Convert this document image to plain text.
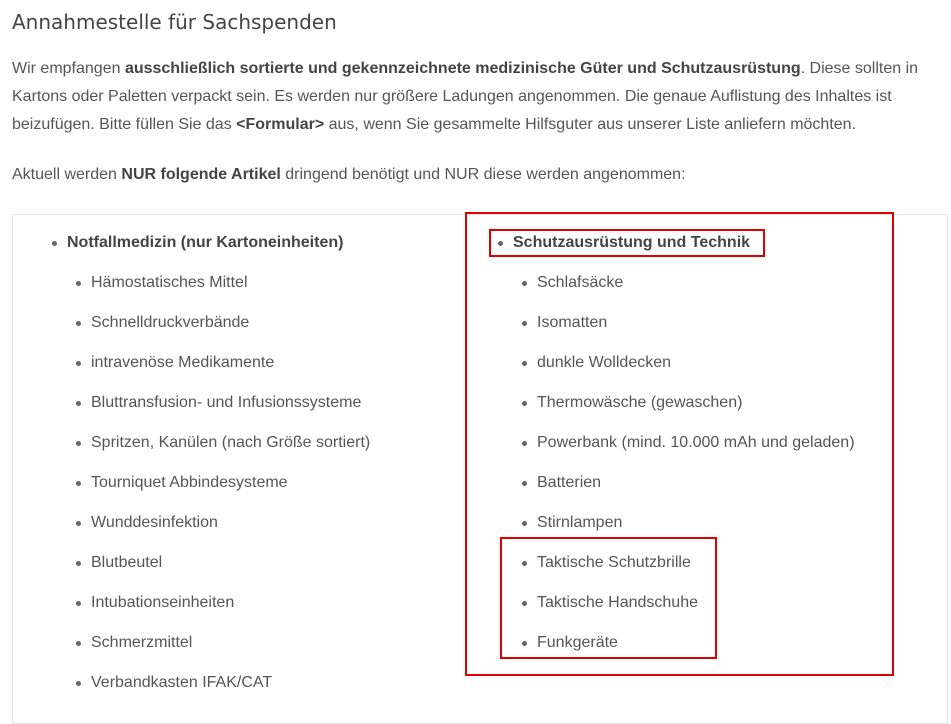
Annahmestelle für Sachspenden
Wir empfangen ausschließlich sortierte und gekennzeichnete medizinische Güter und Schutzausrüstung. Diese sollten in Kartons oder Paletten verpackt sein. Es werden nur größere Ladungen angenommen. Die genaue Auflistung des Inhaltes ist beizufügen. Bitte füllen Sie das <Formular> aus, wenn Sie gesammelte Hilfsguter aus unserer Liste anliefern möchten.
Aktuell werden NUR folgende Artikel dringend benötigt und NUR diese werden angenommen:
Notfallmedizin (nur Kartoneinheiten)
Hämostatisches Mittel
Schnelldruckverbände
intravenöse Medikamente
Bluttransfusion- und Infusionssysteme
Spritzen, Kanülen (nach Größe sortiert)
Tourniquet Abbindesysteme
Wunddesinfektion
Blutbeutel
Intubationseinheiten
Schmerzmittel
Verbandkasten IFAK/CAT
Schutzausrüstung und Technik
Schlafsäcke
Isomatten
dunkle Wolldecken
Thermowäsche (gewaschen)
Powerbank (mind. 10.000 mAh und geladen)
Batterien
Stirnlampen
Taktische Schutzbrille
Taktische Handschuhe
Funkgeräte
